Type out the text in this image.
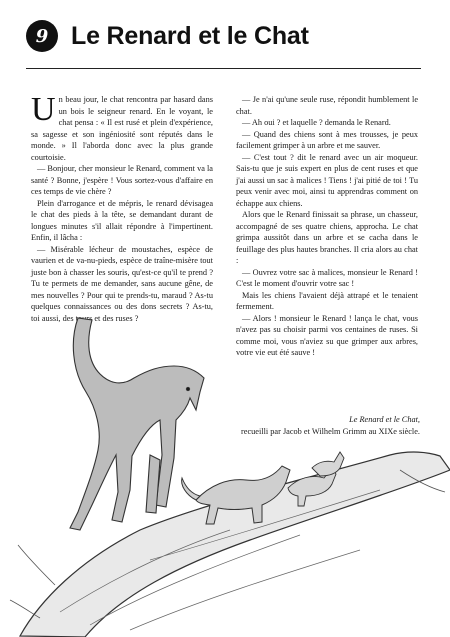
9 Le Renard et le Chat

Un beau jour, le chat rencontra par hasard dans un bois le seigneur renard. En le voyant, le chat pensa : « Il est rusé et plein d'expérience, sa sagesse et son ingéniosité sont réputés dans le monde. » Il l'aborda donc avec la plus grande courtoisie.

— Bonjour, cher monsieur le Renard, comment va la santé ? Bonne, j'espère ! Vous sortez-vous d'affaire en ces temps de vie chère ?

Plein d'arrogance et de mépris, le renard dévisagea le chat des pieds à la tête, se demandant durant de longues minutes s'il allait répondre à l'impertinent. Enfin, il lâcha :

— Misérable lécheur de moustaches, espèce de vaurien et de va-nu-pieds, espèce de traîne-misère tout juste bon à chasser les souris, qu'est-ce qu'il te prend ? Tu te permets de me demander, sans aucune gêne, de mes nouvelles ? Pour qui te prends-tu, maraud ? As-tu quelques connaissances ou des dons secrets ? As-tu, toi aussi, des tours et des ruses ?

— Je n'ai qu'une seule ruse, répondit humblement le chat.

— Ah oui ? et laquelle ? demanda le Renard.

— Quand des chiens sont à mes trousses, je peux facilement grimper à un arbre et me sauver.

— C'est tout ? dit le renard avec un air moqueur. Sais-tu que je suis expert en plus de cent ruses et que j'ai aussi un sac à malices ! Tiens ! j'ai pitié de toi ! Tu peux venir avec moi, ainsi tu apprendras comment on échappe aux chiens.

Alors que le Renard finissait sa phrase, un chasseur, accompagné de ses quatre chiens, approcha. Le chat grimpa aussitôt dans un arbre et se cacha dans le feuillage des plus hautes branches. Il cria alors au chat :

— Ouvrez votre sac à malices, monsieur le Renard ! C'est le moment d'ouvrir votre sac !

Mais les chiens l'avaient déjà attrapé et le tenaient fermement.

— Alors ! monsieur le Renard ! lança le chat, vous n'avez pas su choisir parmi vos centaines de ruses. Si comme moi, vous n'aviez su que grimper aux arbres, votre vie eut été sauve !

Le Renard et le Chat,
recueilli par Jacob et Wilhelm Grimm au XIXe siècle.
